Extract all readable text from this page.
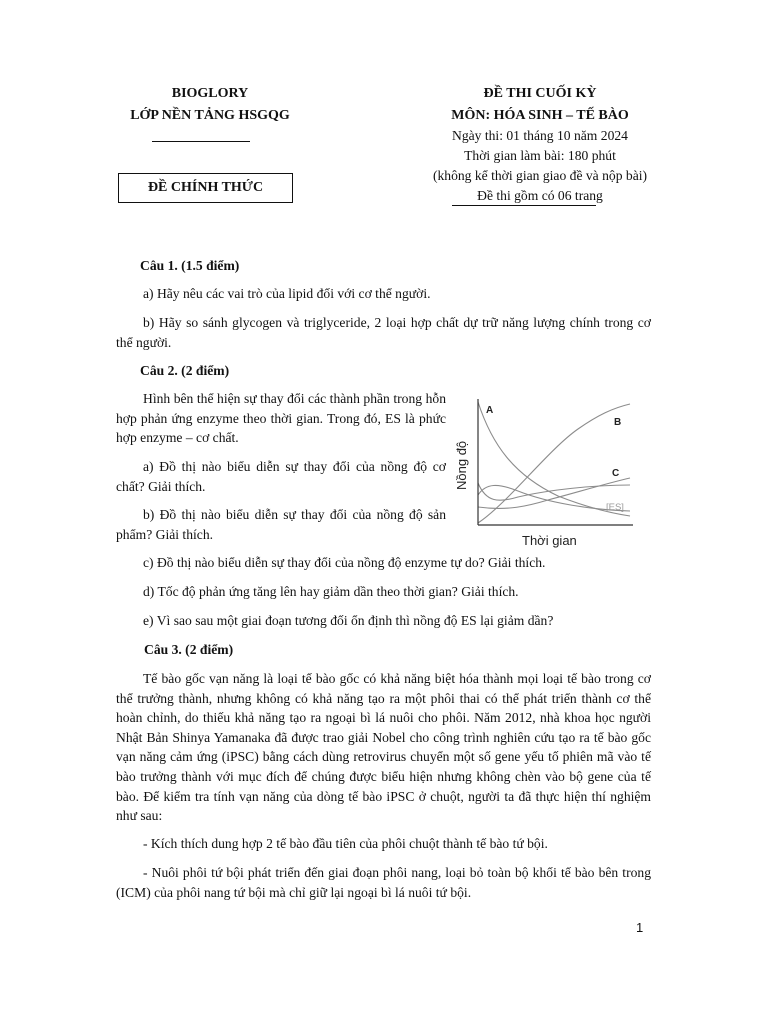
BIOGLORY
LỚP NỀN TẢNG HSGQG
ĐỀ CHÍNH THỨC
ĐỀ THI CUỐI KỲ
MÔN: HÓA SINH – TẾ BÀO
Ngày thi: 01 tháng 10 năm 2024
Thời gian làm bài: 180 phút
(không kể thời gian giao đề và nộp bài)
Đề thi gồm có 06 trang
Câu 1. (1.5 điểm)
a) Hãy nêu các vai trò của lipid đối với cơ thể người.
b) Hãy so sánh glycogen và triglyceride, 2 loại hợp chất dự trữ năng lượng chính trong cơ thể người.
Câu 2. (2 điểm)
Hình bên thể hiện sự thay đổi các thành phần trong hỗn hợp phản ứng enzyme theo thời gian. Trong đó, ES là phức hợp enzyme – cơ chất.
a) Đồ thị nào biểu diễn sự thay đổi của nồng độ cơ chất? Giải thích.
b) Đồ thị nào biểu diễn sự thay đổi của nồng độ sản phẩm? Giải thích.
c) Đồ thị nào biểu diễn sự thay đổi của nồng độ enzyme tự do? Giải thích.
d) Tốc độ phản ứng tăng lên hay giảm dần theo thời gian? Giải thích.
e) Vì sao sau một giai đoạn tương đối ổn định thì nồng độ ES lại giảm dần?
A
B
C
[ES]
Nồng độ
Thời gian
Câu 3. (2 điểm)
Tế bào gốc vạn năng là loại tế bào gốc có khả năng biệt hóa thành mọi loại tế bào trong cơ thể trưởng thành, nhưng không có khả năng tạo ra một phôi thai có thể phát triển thành cơ thể hoàn chỉnh, do thiếu khả năng tạo ra ngoại bì lá nuôi cho phôi. Năm 2012, nhà khoa học người Nhật Bản Shinya Yamanaka đã được trao giải Nobel cho công trình nghiên cứu tạo ra tế bào gốc vạn năng cảm ứng (iPSC) bằng cách dùng retrovirus chuyển một số gene yếu tố phiên mã vào tế bào trưởng thành với mục đích để chúng được biểu hiện nhưng không chèn vào bộ gene của tế bào. Để kiểm tra tính vạn năng của dòng tế bào iPSC ở chuột, người ta đã thực hiện thí nghiệm như sau:
- Kích thích dung hợp 2 tế bào đầu tiên của phôi chuột thành tế bào tứ bội.
- Nuôi phôi tứ bội phát triển đến giai đoạn phôi nang, loại bỏ toàn bộ khối tế bào bên trong (ICM) của phôi nang tứ bội mà chỉ giữ lại ngoại bì lá nuôi tứ bội.
1
